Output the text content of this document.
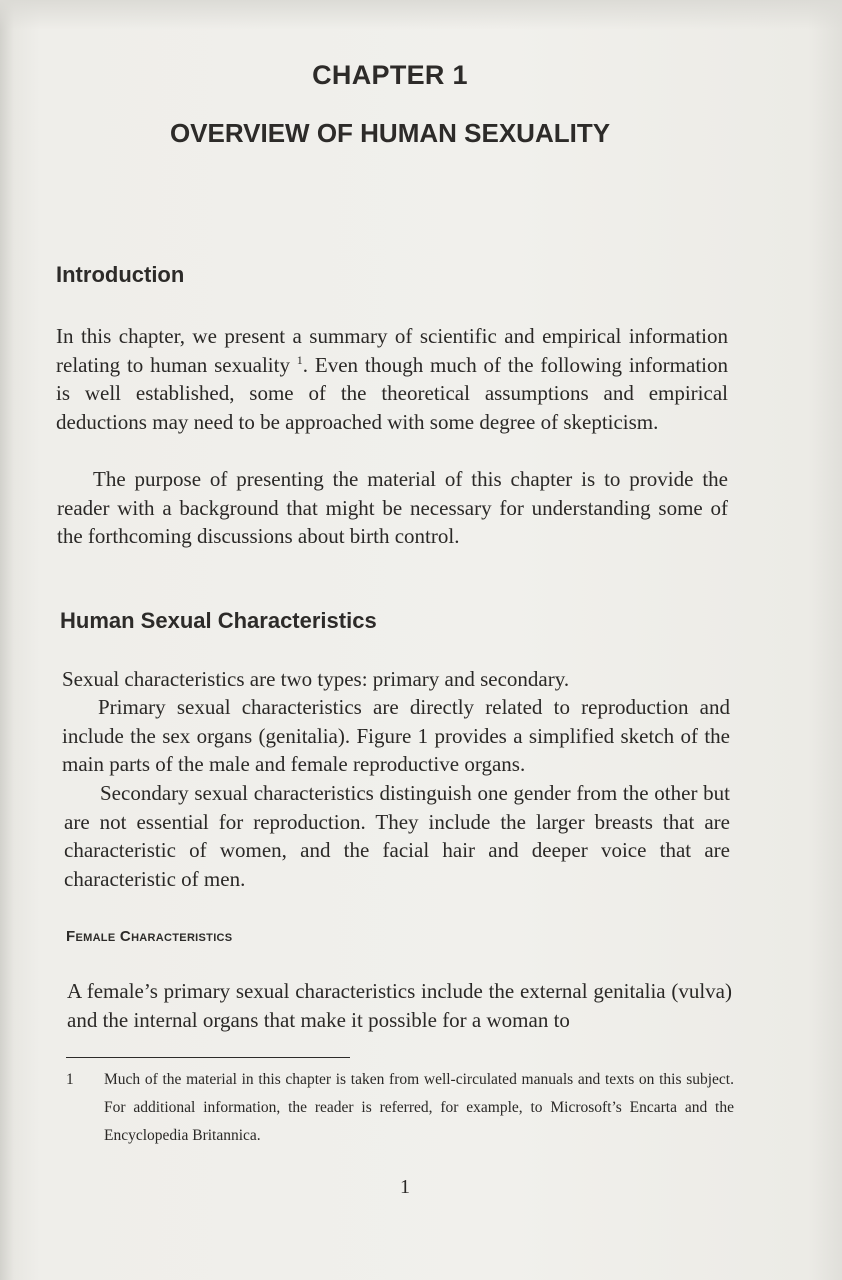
CHAPTER 1
OVERVIEW OF HUMAN SEXUALITY
Introduction

In this chapter, we present a summary of scientific and empirical information relating to human sexuality $^1$. Even though much of the following information is well established, some of the theoretical assumptions and empirical deductions may need to be approached with some degree of skepticism.

The purpose of presenting the material of this chapter is to provide the reader with a background that might be necessary for understanding some of the forthcoming discussions about birth control.

Human Sexual Characteristics

Sexual characteristics are two types: primary and secondary.

Primary sexual characteristics are directly related to reproduction and include the sex organs (genitalia). Figure 1 provides a simplified sketch of the main parts of the male and female reproductive organs.

Secondary sexual characteristics distinguish one gender from the other but are not essential for reproduction. They include the larger breasts that are characteristic of women, and the facial hair and deeper voice that are characteristic of men.

Female Characteristics

A female’s primary sexual characteristics include the external genitalia (vulva) and the internal organs that make it possible for a woman to

1 Much of the material in this chapter is taken from well-circulated manuals and texts on this subject. For additional information, the reader is referred, for example, to Microsoft’s Encarta and the Encyclopedia Britannica.
1
